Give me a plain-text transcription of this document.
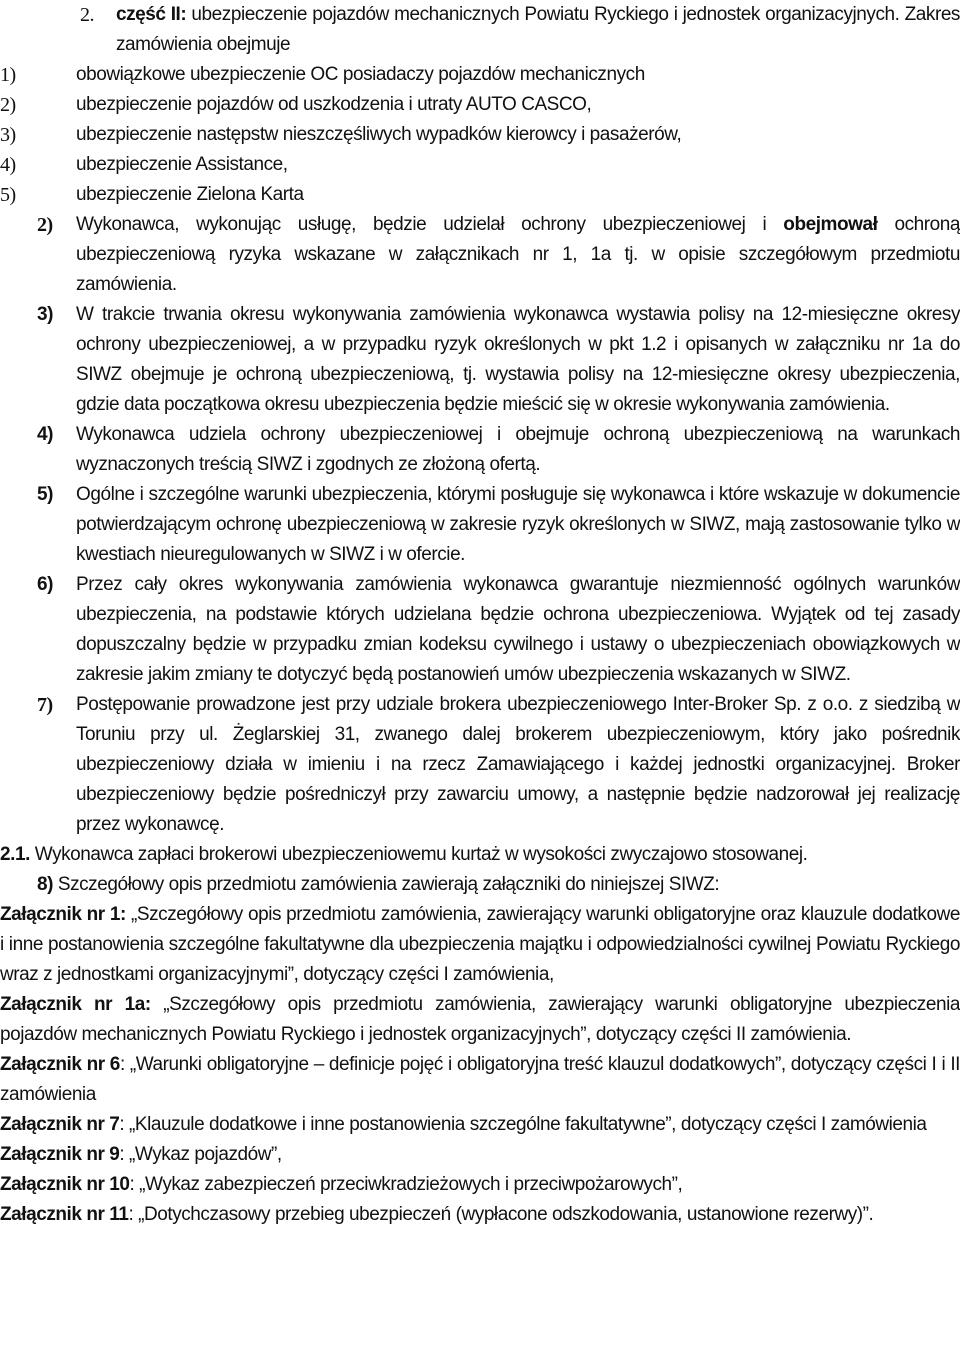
2. część II: ubezpieczenie pojazdów mechanicznych Powiatu Ryckiego i jednostek organizacyjnych. Zakres zamówienia obejmuje

1)	obowiązkowe ubezpieczenie OC posiadaczy pojazdów mechanicznych

2)	ubezpieczenie pojazdów od uszkodzenia i utraty AUTO CASCO,

3)	ubezpieczenie następstw nieszczęśliwych wypadków kierowcy i pasażerów,

4)	ubezpieczenie Assistance,

5)	ubezpieczenie Zielona Karta

2) Wykonawca, wykonując usługę, będzie udzielał ochrony ubezpieczeniowej i obejmował ochroną ubezpieczeniową ryzyka wskazane w załącznikach nr 1, 1a tj. w opisie szczegółowym przedmiotu zamówienia.

3) W trakcie trwania okresu wykonywania zamówienia wykonawca wystawia polisy na 12-miesięczne okresy ochrony ubezpieczeniowej, a w przypadku ryzyk określonych w pkt 1.2 i opisanych w załączniku nr 1a do SIWZ obejmuje je ochroną ubezpieczeniową, tj. wystawia polisy na 12-miesięczne okresy ubezpieczenia, gdzie data początkowa okresu ubezpieczenia będzie mieścić się w okresie wykonywania zamówienia.

4) Wykonawca udziela ochrony ubezpieczeniowej i obejmuje ochroną ubezpieczeniową na warunkach wyznaczonych treścią SIWZ i zgodnych ze złożoną ofertą.

5) Ogólne i szczególne warunki ubezpieczenia, którymi posługuje się wykonawca i które wskazuje w dokumencie potwierdzającym ochronę ubezpieczeniową w zakresie ryzyk określonych w SIWZ, mają zastosowanie tylko w kwestiach nieuregulowanych w SIWZ i w ofercie.

6) Przez cały okres wykonywania zamówienia wykonawca gwarantuje niezmienność ogólnych warunków ubezpieczenia, na podstawie których udzielana będzie ochrona ubezpieczeniowa. Wyjątek od tej zasady dopuszczalny będzie w przypadku zmian kodeksu cywilnego i ustawy o ubezpieczeniach obowiązkowych w zakresie jakim zmiany te dotyczyć będą postanowień umów ubezpieczenia wskazanych w SIWZ.

7) Postępowanie prowadzone jest przy udziale brokera ubezpieczeniowego Inter-Broker Sp. z o.o. z siedzibą w Toruniu przy ul. Żeglarskiej 31, zwanego dalej brokerem ubezpieczeniowym, który jako pośrednik ubezpieczeniowy działa w imieniu i na rzecz Zamawiającego i każdej jednostki organizacyjnej. Broker ubezpieczeniowy będzie pośredniczył przy zawarciu umowy, a następnie będzie nadzorował jej realizację przez wykonawcę.

2.1. Wykonawca zapłaci brokerowi ubezpieczeniowemu kurtaż w wysokości zwyczajowo stosowanej.

8) Szczegółowy opis przedmiotu zamówienia zawierają załączniki do niniejszej SIWZ:

Załącznik nr 1: „Szczegółowy opis przedmiotu zamówienia, zawierający warunki obligatoryjne oraz klauzule dodatkowe i inne postanowienia szczególne fakultatywne dla ubezpieczenia majątku i odpowiedzialności cywilnej Powiatu Ryckiego wraz z jednostkami organizacyjnymi”, dotyczący części I zamówienia,

Załącznik nr 1a: „Szczegółowy opis przedmiotu zamówienia, zawierający warunki obligatoryjne ubezpieczenia pojazdów mechanicznych Powiatu Ryckiego i jednostek organizacyjnych”, dotyczący części II zamówienia.

Załącznik nr 6: „Warunki obligatoryjne – definicje pojęć i obligatoryjna treść klauzul dodatkowych”, dotyczący części I i II zamówienia

Załącznik nr 7: „Klauzule dodatkowe i inne postanowienia szczególne fakultatywne”, dotyczący części I zamówienia

Załącznik nr 9: „Wykaz pojazdów”,

Załącznik nr 10: „Wykaz zabezpieczeń przeciwkradzieżowych i przeciwpożarowych”,

Załącznik nr 11: „Dotychczasowy przebieg ubezpieczeń (wypłacone odszkodowania, ustanowione rezerwy)”.
